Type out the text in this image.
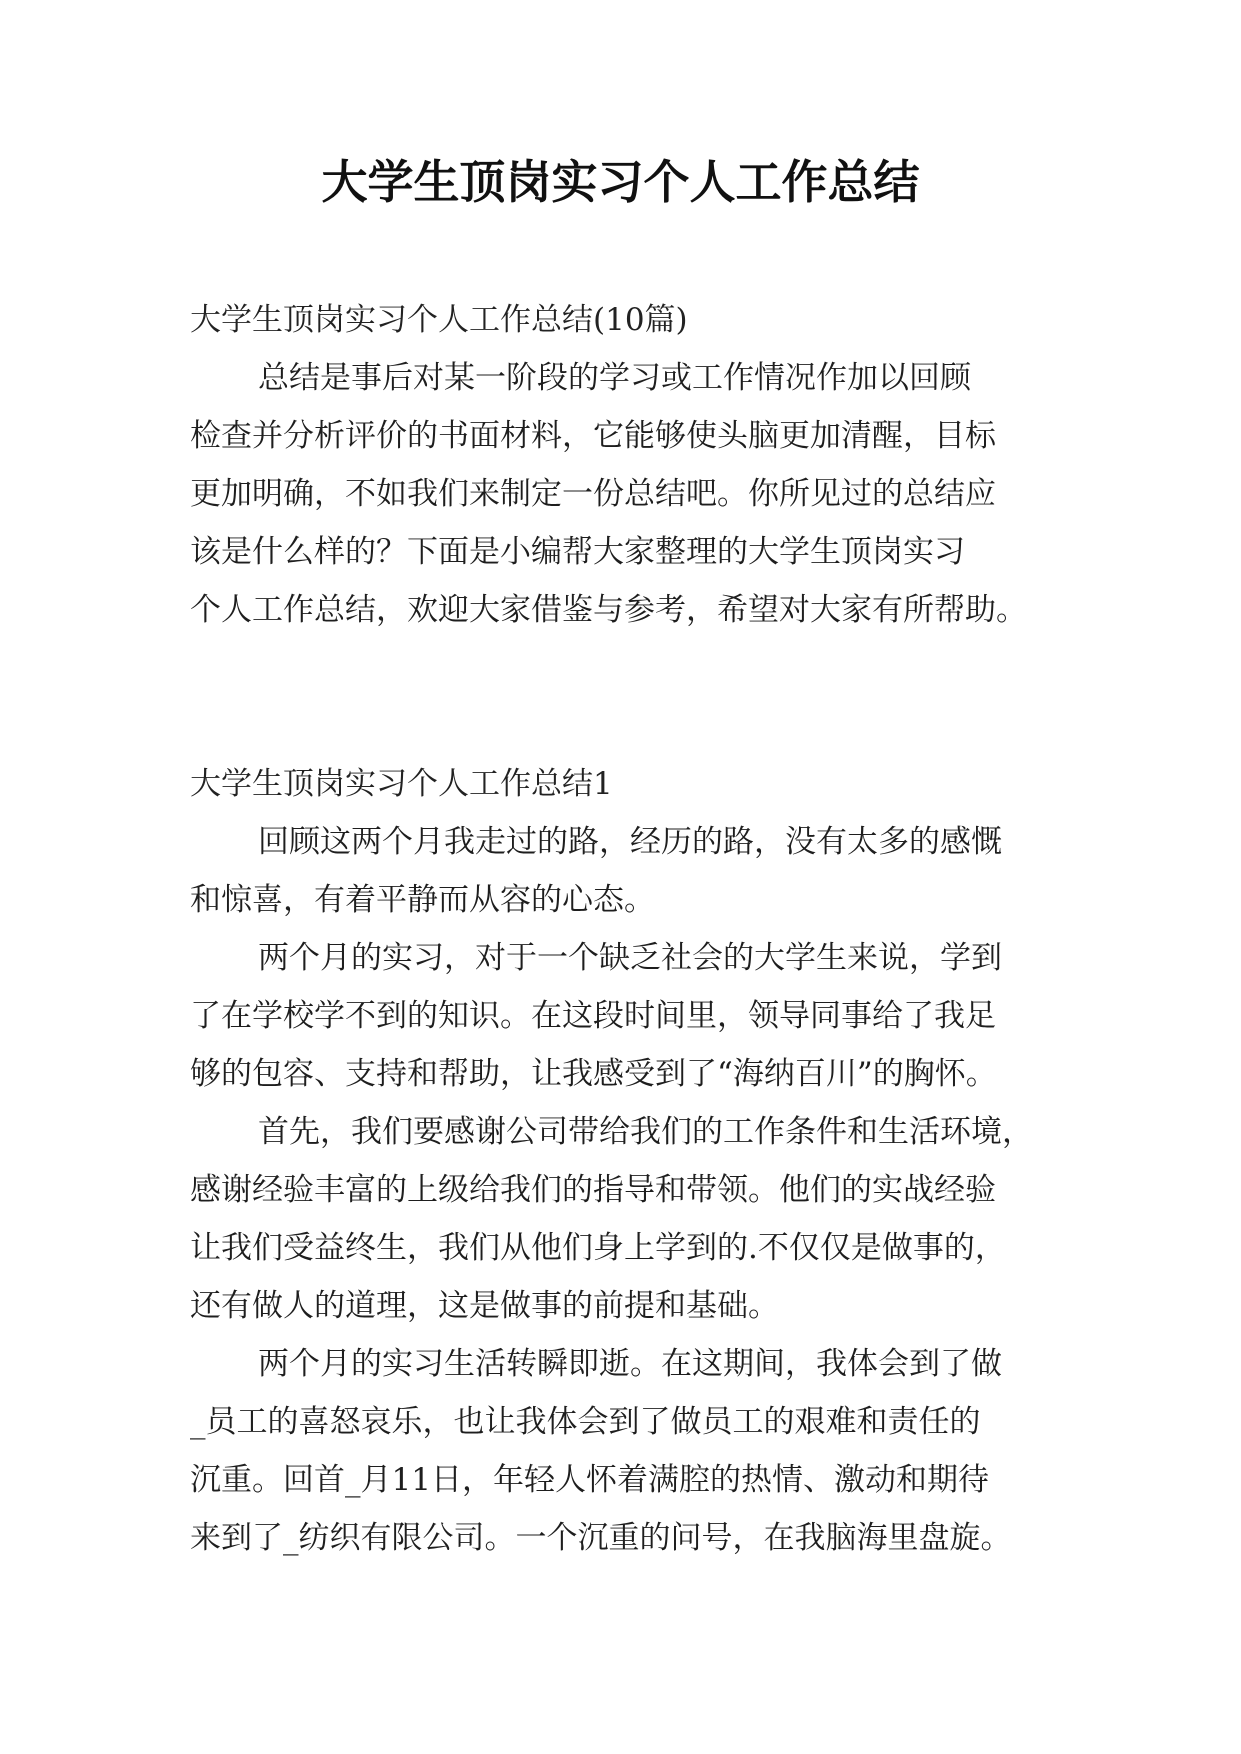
大学生顶岗实习个人工作总结
大学生顶岗实习个人工作总结(10篇)
总结是事后对某一阶段的学习或工作情况作加以回顾
检查并分析评价的书面材料，它能够使头脑更加清醒，目标
更加明确，不如我们来制定一份总结吧。你所见过的总结应
该是什么样的？下面是小编帮大家整理的大学生顶岗实习
个人工作总结，欢迎大家借鉴与参考，希望对大家有所帮助。
大学生顶岗实习个人工作总结1
回顾这两个月我走过的路，经历的路，没有太多的感慨
和惊喜，有着平静而从容的心态。
两个月的实习，对于一个缺乏社会的大学生来说，学到
了在学校学不到的知识。在这段时间里，领导同事给了我足
够的包容、支持和帮助，让我感受到了“海纳百川”的胸怀。
首先，我们要感谢公司带给我们的工作条件和生活环境，
感谢经验丰富的上级给我们的指导和带领。他们的实战经验
让我们受益终生，我们从他们身上学到的.不仅仅是做事的，
还有做人的道理，这是做事的前提和基础。
两个月的实习生活转瞬即逝。在这期间，我体会到了做
_员工的喜怒哀乐，也让我体会到了做员工的艰难和责任的
沉重。回首_月11日，年轻人怀着满腔的热情、激动和期待
来到了_纺织有限公司。一个沉重的问号，在我脑海里盘旋。
